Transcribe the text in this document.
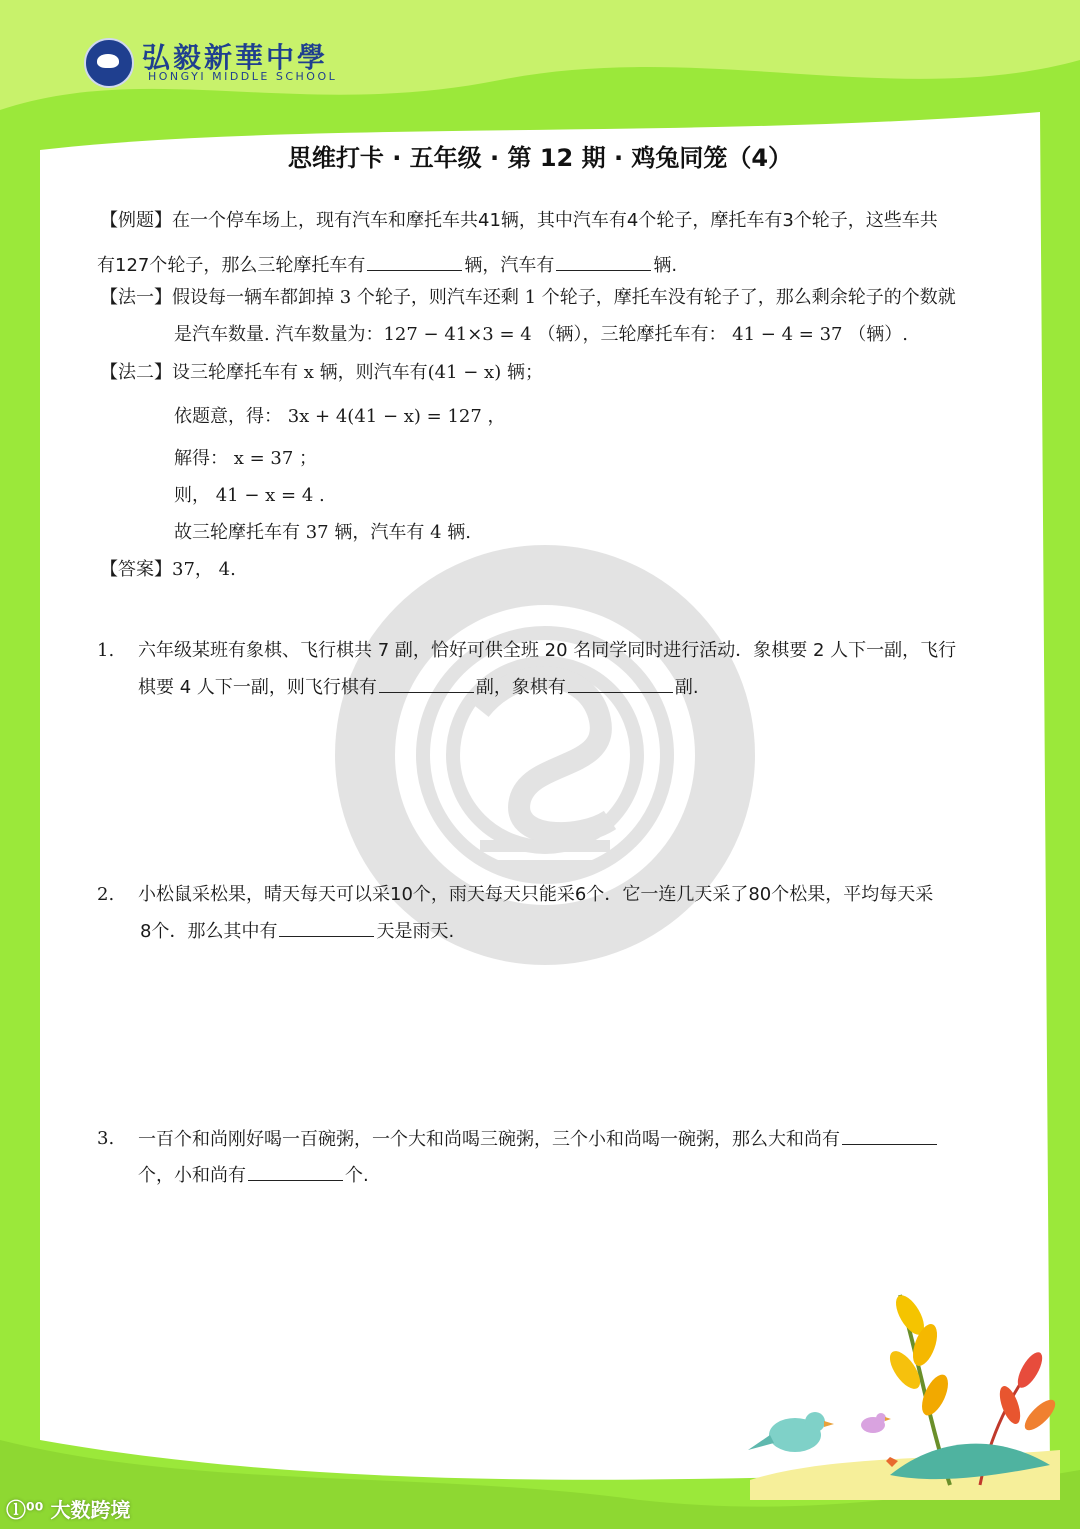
弘毅新華中學
HONGYI MIDDLE SCHOOL
思维打卡 · 五年级 · 第 12 期 · 鸡兔同笼（4）
【例题】在一个停车场上，现有汽车和摩托车共41辆，其中汽车有4个轮子，摩托车有3个轮子，这些车共
有127个轮子，那么三轮摩托车有	辆，汽车有	辆.
【法一】假设每一辆车都卸掉 3 个轮子，则汽车还剩 1 个轮子，摩托车没有轮子了，那么剩余轮子的个数就
是汽车数量. 汽车数量为：127 − 41×3 = 4 （辆），三轮摩托车有： 41 − 4 = 37 （辆）.
【法二】设三轮摩托车有 x 辆，则汽车有(41 − x) 辆；
依题意，得： 3x + 4(41 − x) = 127 ，
解得： x = 37 ；
则， 41 − x = 4 .
故三轮摩托车有 37 辆，汽车有 4 辆.
【答案】37， 4.
1. 六年级某班有象棋、飞行棋共 7 副，恰好可供全班 20 名同学同时进行活动．象棋要 2 人下一副，飞行
棋要 4 人下一副，则飞行棋有	副，象棋有	副.
2. 小松鼠采松果，晴天每天可以采10个，雨天每天只能采6个．它一连几天采了80个松果，平均每天采
8个．那么其中有	天是雨天.
3. 一百个和尚刚好喝一百碗粥，一个大和尚喝三碗粥，三个小和尚喝一碗粥，那么大和尚有
个，小和尚有	个.
ⓛ⁰⁰ 大数跨境
